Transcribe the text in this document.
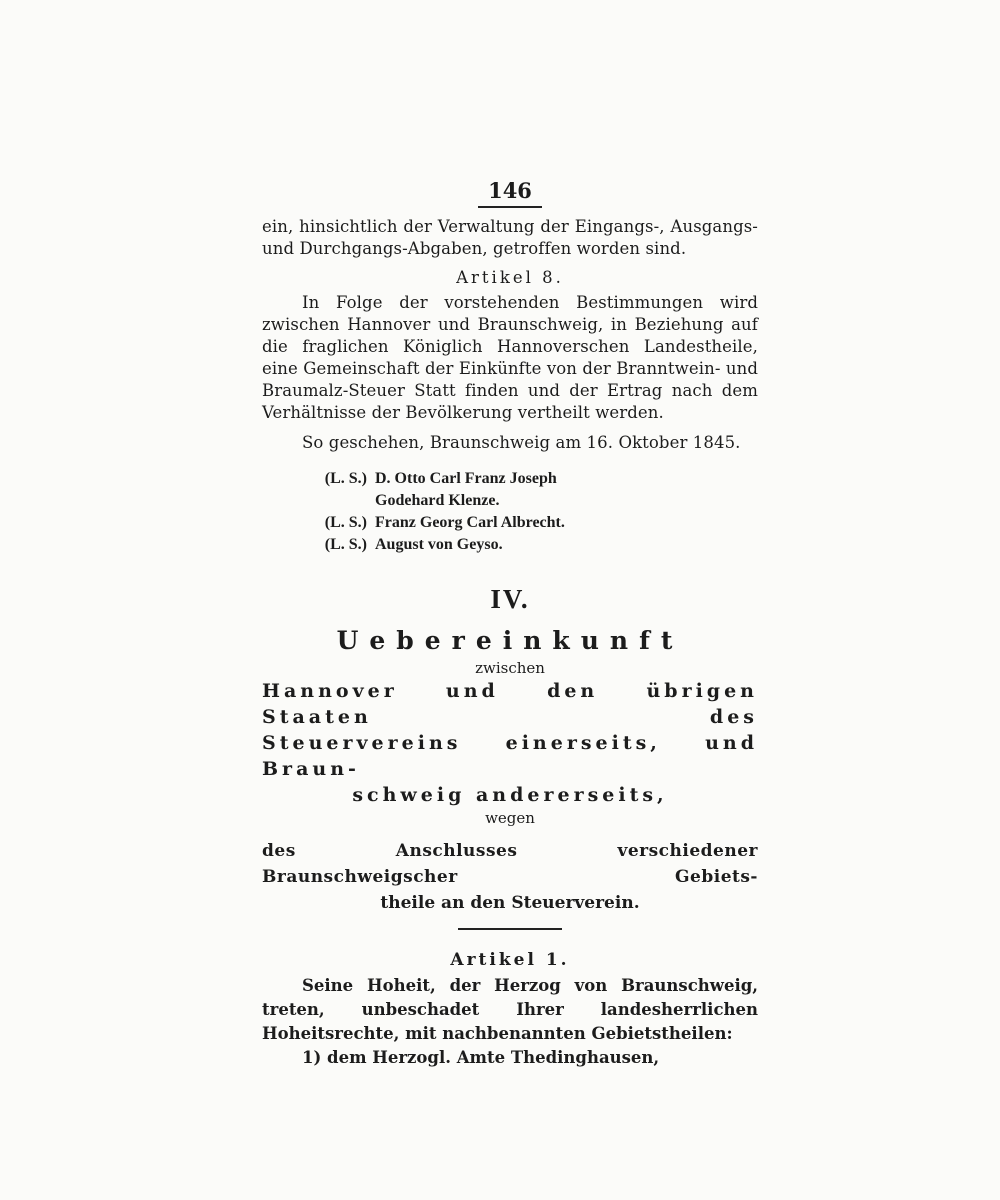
146

ein, hinsichtlich der Verwaltung der Eingangs-, Ausgangs- und Durchgangs-Abgaben, getroffen worden sind.

Artikel 8.

In Folge der vorstehenden Bestimmungen wird zwischen Hannover und Braunschweig, in Beziehung auf die fraglichen Königlich Hannoverschen Landestheile, eine Gemeinschaft der Einkünfte von der Branntwein- und Braumalz-Steuer Statt finden und der Ertrag nach dem Verhältnisse der Bevölkerung vertheilt werden.

So geschehen, Braunschweig am 16. Oktober 1845.

(L. S.) D. Otto Carl Franz Joseph
Godehard Klenze.
(L. S.) Franz Georg Carl Albrecht.
(L. S.) August von Geyso.
IV.
Uebereinkunft
zwischen
Hannover und den übrigen Staaten des
Steuervereins einerseits, und Braun-
schweig andererseits,
wegen
des Anschlusses verschiedener Braunschweigscher Gebiets-
theile an den Steuerverein.
Artikel 1.

Seine Hoheit, der Herzog von Braunschweig, treten, unbeschadet Ihrer landesherrlichen Hoheitsrechte, mit nachbenannten Gebietstheilen:

1) dem Herzogl. Amte Thedinghausen,
